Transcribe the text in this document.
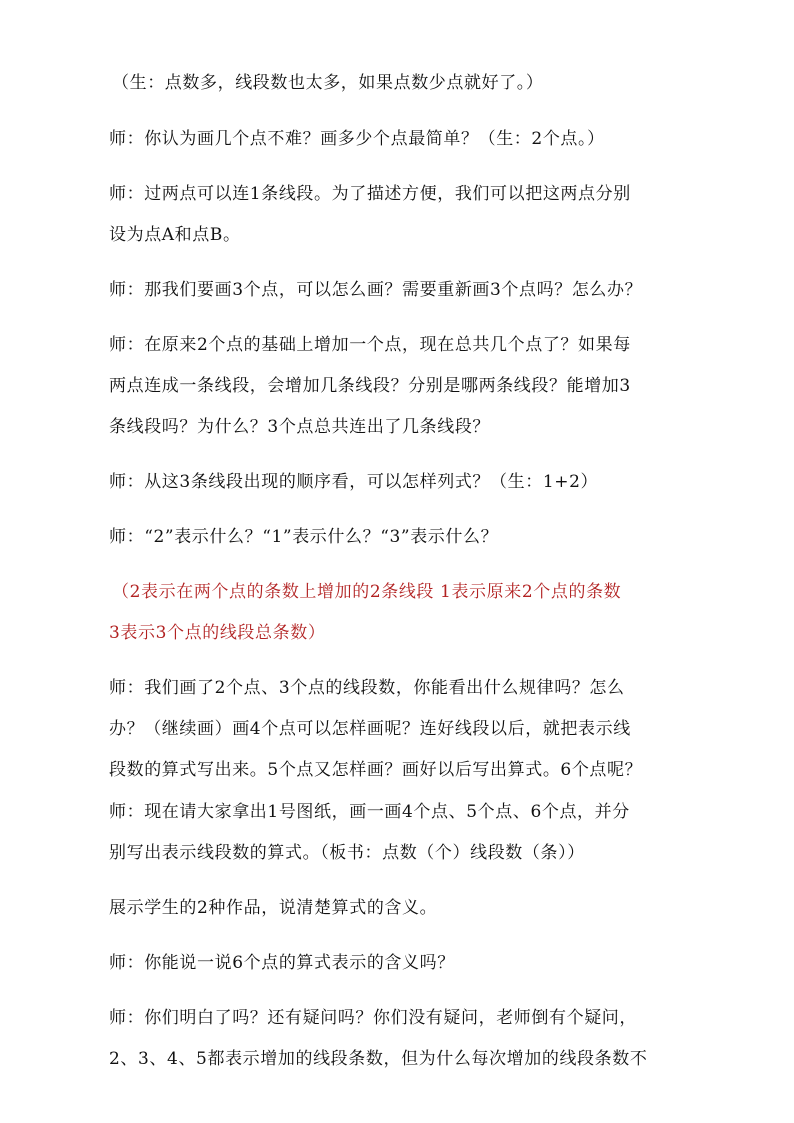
（生：点数多，线段数也太多，如果点数少点就好了。）
师：你认为画几个点不难？画多少个点最简单？（生：2个点。）
师：过两点可以连1条线段。为了描述方便，我们可以把这两点分别
设为点A和点B。
师：那我们要画3个点，可以怎么画？需要重新画3个点吗？怎么办？
师：在原来2个点的基础上增加一个点，现在总共几个点了？如果每
两点连成一条线段，会增加几条线段？分别是哪两条线段？能增加3
条线段吗？为什么？3个点总共连出了几条线段？
师：从这3条线段出现的顺序看，可以怎样列式？（生：1+2）
师：“2”表示什么？“1”表示什么？“3”表示什么？
（2表示在两个点的条数上增加的2条线段 1表示原来2个点的条数
3表示3个点的线段总条数）
师：我们画了2个点、3个点的线段数，你能看出什么规律吗？怎么
办？（继续画）画4个点可以怎样画呢？连好线段以后，就把表示线
段数的算式写出来。5个点又怎样画？画好以后写出算式。6个点呢？
师：现在请大家拿出1号图纸，画一画4个点、5个点、6个点，并分
别写出表示线段数的算式。（板书：点数（个）线段数（条））
展示学生的2种作品，说清楚算式的含义。
师：你能说一说6个点的算式表示的含义吗？
师：你们明白了吗？还有疑问吗？你们没有疑问，老师倒有个疑问，
2、3、4、5都表示增加的线段条数，但为什么每次增加的线段条数不
